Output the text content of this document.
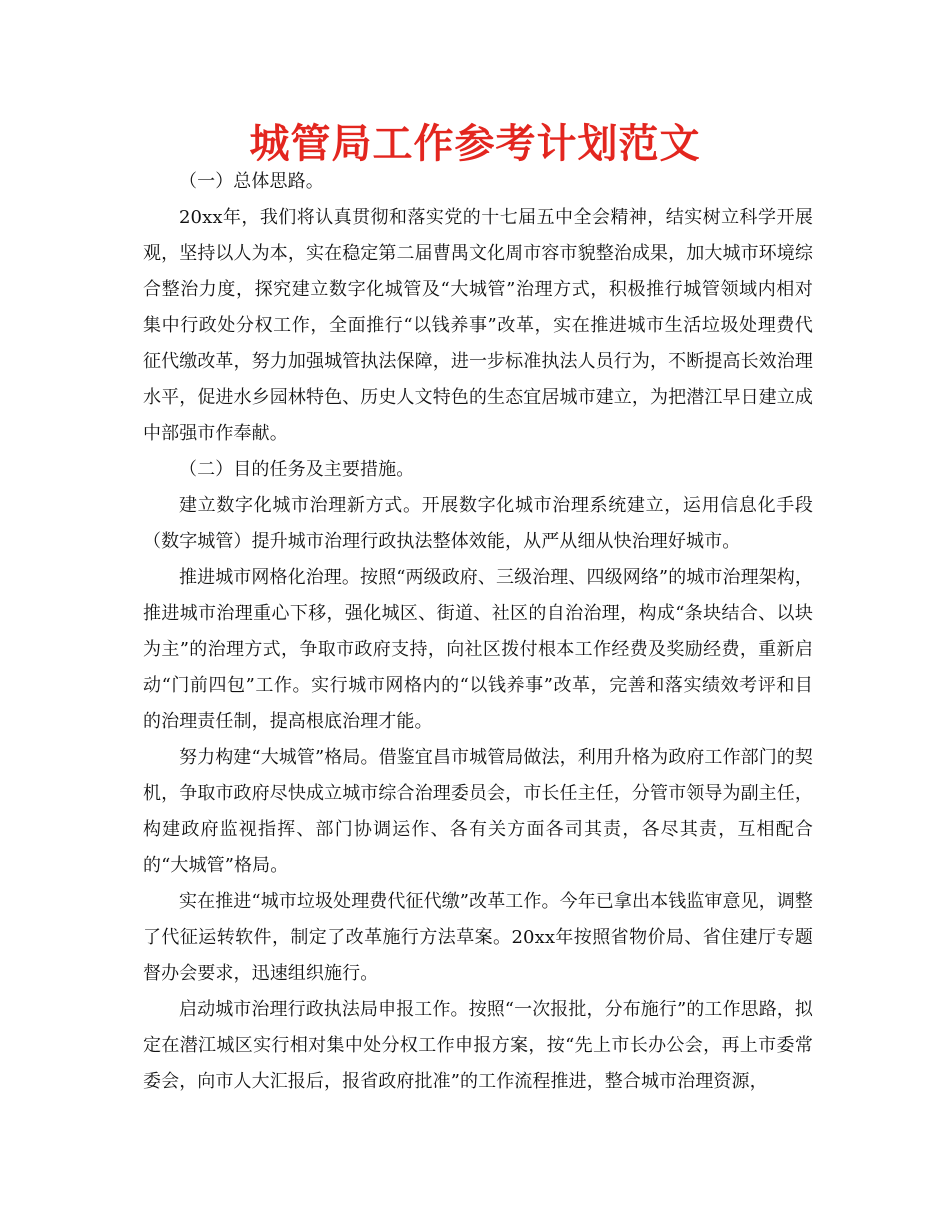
城管局工作参考计划范文

（一）总体思路。

20xx年，我们将认真贯彻和落实党的十七届五中全会精神，结实树立科学开展观，坚持以人为本，实在稳定第二届曹禺文化周市容市貌整治成果，加大城市环境综合整治力度，探究建立数字化城管及“大城管”治理方式，积极推行城管领域内相对集中行政处分权工作，全面推行“以钱养事”改革，实在推进城市生活垃圾处理费代征代缴改革，努力加强城管执法保障，进一步标准执法人员行为，不断提高长效治理水平，促进水乡园林特色、历史人文特色的生态宜居城市建立，为把潜江早日建立成中部强市作奉献。

（二）目的任务及主要措施。

建立数字化城市治理新方式。开展数字化城市治理系统建立，运用信息化手段（数字城管）提升城市治理行政执法整体效能，从严从细从快治理好城市。

推进城市网格化治理。按照“两级政府、三级治理、四级网络”的城市治理架构，推进城市治理重心下移，强化城区、街道、社区的自治治理，构成“条块结合、以块为主”的治理方式，争取市政府支持，向社区拨付根本工作经费及奖励经费，重新启动“门前四包”工作。实行城市网格内的“以钱养事”改革，完善和落实绩效考评和目的治理责任制，提高根底治理才能。

努力构建“大城管”格局。借鉴宜昌市城管局做法，利用升格为政府工作部门的契机，争取市政府尽快成立城市综合治理委员会，市长任主任，分管市领导为副主任，构建政府监视指挥、部门协调运作、各有关方面各司其责，各尽其责，互相配合的“大城管”格局。

实在推进“城市垃圾处理费代征代缴”改革工作。今年已拿出本钱监审意见，调整了代征运转软件，制定了改革施行方法草案。20xx年按照省物价局、省住建厅专题督办会要求，迅速组织施行。

启动城市治理行政执法局申报工作。按照“一次报批，分布施行”的工作思路，拟定在潜江城区实行相对集中处分权工作申报方案，按“先上市长办公会，再上市委常委会，向市人大汇报后，报省政府批准”的工作流程推进，整合城市治理资源，
